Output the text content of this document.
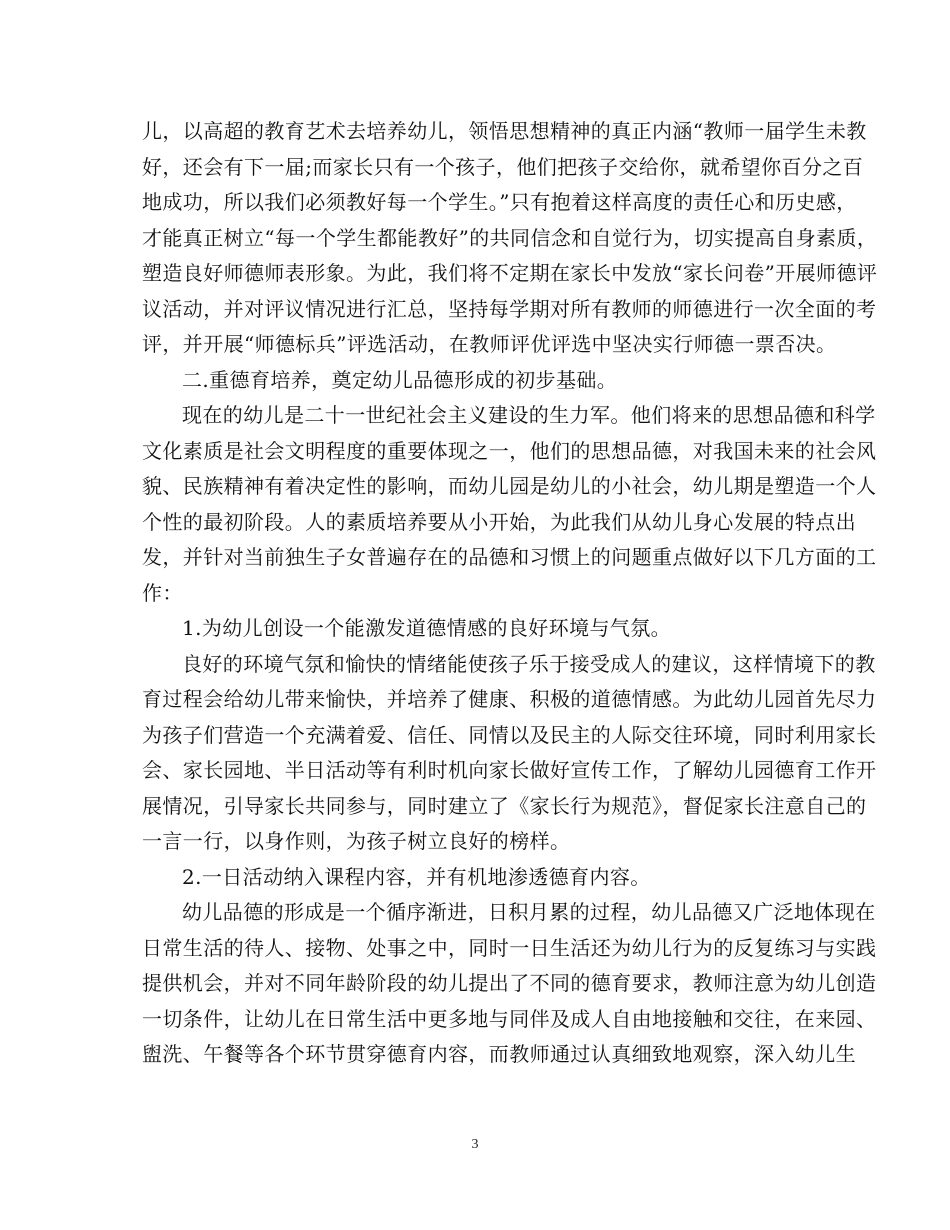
儿，以高超的教育艺术去培养幼儿，领悟思想精神的真正内涵“教师一届学生未教
好，还会有下一届;而家长只有一个孩子，他们把孩子交给你，就希望你百分之百
地成功，所以我们必须教好每一个学生。”只有抱着这样高度的责任心和历史感，
才能真正树立“每一个学生都能教好”的共同信念和自觉行为，切实提高自身素质，
塑造良好师德师表形象。为此，我们将不定期在家长中发放“家长问卷”开展师德评
议活动，并对评议情况进行汇总，坚持每学期对所有教师的师德进行一次全面的考
评，并开展“师德标兵”评选活动，在教师评优评选中坚决实行师德一票否决。

二.重德育培养，奠定幼儿品德形成的初步基础。

现在的幼儿是二十一世纪社会主义建设的生力军。他们将来的思想品德和科学
文化素质是社会文明程度的重要体现之一，他们的思想品德，对我国未来的社会风
貌、民族精神有着决定性的影响，而幼儿园是幼儿的小社会，幼儿期是塑造一个人
个性的最初阶段。人的素质培养要从小开始，为此我们从幼儿身心发展的特点出
发，并针对当前独生子女普遍存在的品德和习惯上的问题重点做好以下几方面的工
作：

1.为幼儿创设一个能激发道德情感的良好环境与气氛。

良好的环境气氛和愉快的情绪能使孩子乐于接受成人的建议，这样情境下的教
育过程会给幼儿带来愉快，并培养了健康、积极的道德情感。为此幼儿园首先尽力
为孩子们营造一个充满着爱、信任、同情以及民主的人际交往环境，同时利用家长
会、家长园地、半日活动等有利时机向家长做好宣传工作，了解幼儿园德育工作开
展情况，引导家长共同参与，同时建立了《家长行为规范》，督促家长注意自己的
一言一行，以身作则，为孩子树立良好的榜样。

2.一日活动纳入课程内容，并有机地渗透德育内容。

幼儿品德的形成是一个循序渐进，日积月累的过程，幼儿品德又广泛地体现在
日常生活的待人、接物、处事之中，同时一日生活还为幼儿行为的反复练习与实践
提供机会，并对不同年龄阶段的幼儿提出了不同的德育要求，教师注意为幼儿创造
一切条件，让幼儿在日常生活中更多地与同伴及成人自由地接触和交往，在来园、
盥洗、午餐等各个环节贯穿德育内容，而教师通过认真细致地观察，深入幼儿生

3
